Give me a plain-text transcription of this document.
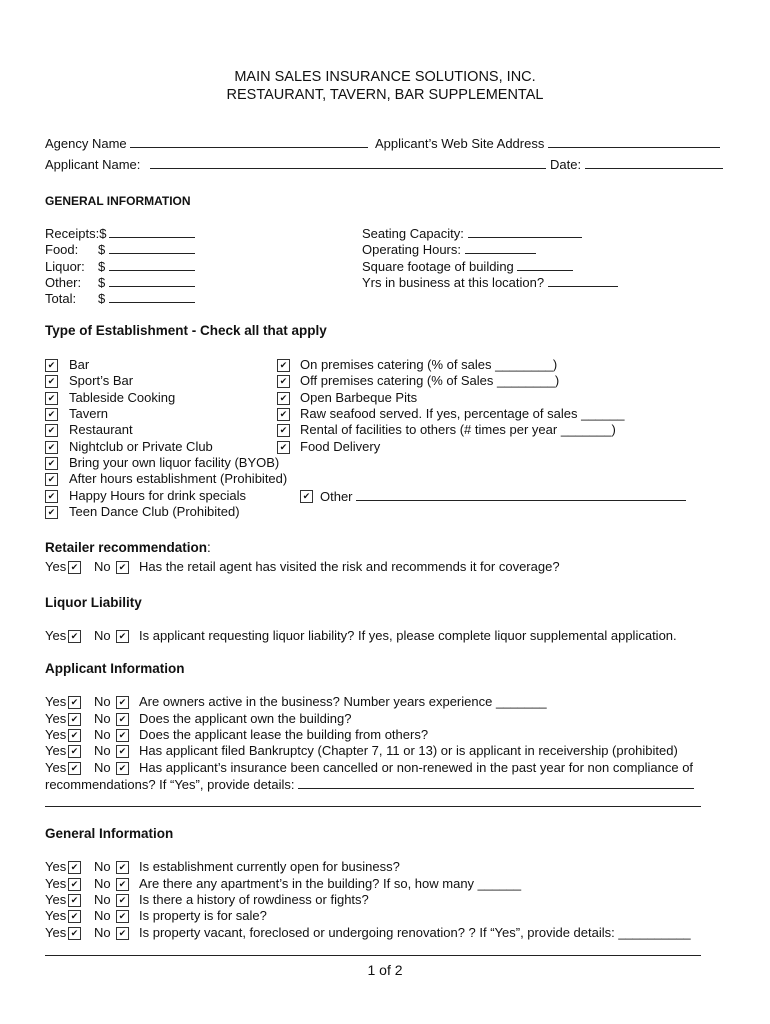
MAIN SALES INSURANCE SOLUTIONS, INC.
RESTAURANT, TAVERN, BAR SUPPLEMENTAL
Agency Name	Applicant’s Web Site Address
Applicant Name:	Date:
GENERAL INFORMATION
Type of Establishment - Check all that apply
Retailer recommendation:
Liquor Liability
Applicant Information
recommendations? If “Yes”, provide details:
General Information
1 of 2
Receipts:$
Food: $
Liquor: $
Other: $
Total: $
Seating Capacity:
Operating Hours:
Square footage of building
Yrs in business at this location?
✔ Bar
✔ Sport’s Bar
✔ Tableside Cooking
✔ Tavern
✔ Restaurant
✔ Nightclub or Private Club
✔ Bring your own liquor facility (BYOB)
✔ After hours establishment (Prohibited)
✔ Happy Hours for drink specials
✔ Teen Dance Club (Prohibited)
✔ On premises catering (% of sales ________)
✔ Off premises catering (% of Sales ________)
✔ Open Barbeque Pits
✔ Raw seafood served. If yes, percentage of sales ______
✔ Rental of facilities to others (# times per year _______)
✔ Food Delivery
✔ Other
Yes ✔ No ✔ Has the retail agent has visited the risk and recommends it for coverage?
Yes ✔ No ✔ Is applicant requesting liquor liability? If yes, please complete liquor supplemental application.
Yes ✔ No ✔ Are owners active in the business? Number years experience _______
Yes ✔ No ✔ Does the applicant own the building?
Yes ✔ No ✔ Does the applicant lease the building from others?
Yes ✔ No ✔ Has applicant filed Bankruptcy (Chapter 7, 11 or 13) or is applicant in receivership (prohibited)
Yes ✔ No ✔ Has applicant’s insurance been cancelled or non-renewed in the past year for non compliance of
Yes ✔ No ✔ Is establishment currently open for business?
Yes ✔ No ✔ Are there any apartment’s in the building? If so, how many ______
Yes ✔ No ✔ Is there a history of rowdiness or fights?
Yes ✔ No ✔ Is property is for sale?
Yes ✔ No ✔ Is property vacant, foreclosed or undergoing renovation? ? If “Yes”, provide details: __________
